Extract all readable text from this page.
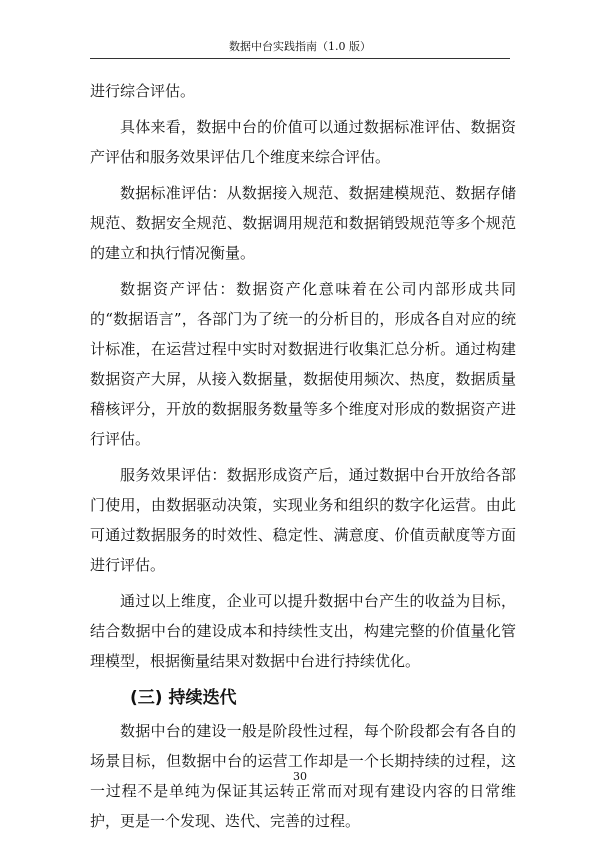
数据中台实践指南（1.0 版）

进行综合评估。

具体来看，数据中台的价值可以通过数据标准评估、数据资产评估和服务效果评估几个维度来综合评估。

数据标准评估：从数据接入规范、数据建模规范、数据存储规范、数据安全规范、数据调用规范和数据销毁规范等多个规范的建立和执行情况衡量。

数据资产评估：数据资产化意味着在公司内部形成共同的“数据语言”，各部门为了统一的分析目的，形成各自对应的统计标准，在运营过程中实时对数据进行收集汇总分析。通过构建数据资产大屏，从接入数据量，数据使用频次、热度，数据质量稽核评分，开放的数据服务数量等多个维度对形成的数据资产进行评估。

服务效果评估：数据形成资产后，通过数据中台开放给各部门使用，由数据驱动决策，实现业务和组织的数字化运营。由此可通过数据服务的时效性、稳定性、满意度、价值贡献度等方面进行评估。

通过以上维度，企业可以提升数据中台产生的收益为目标，结合数据中台的建设成本和持续性支出，构建完整的价值量化管理模型，根据衡量结果对数据中台进行持续优化。

(三) 持续迭代

数据中台的建设一般是阶段性过程，每个阶段都会有各自的场景目标，但数据中台的运营工作却是一个长期持续的过程，这一过程不是单纯为保证其运转正常而对现有建设内容的日常维护，更是一个发现、迭代、完善的过程。

30
